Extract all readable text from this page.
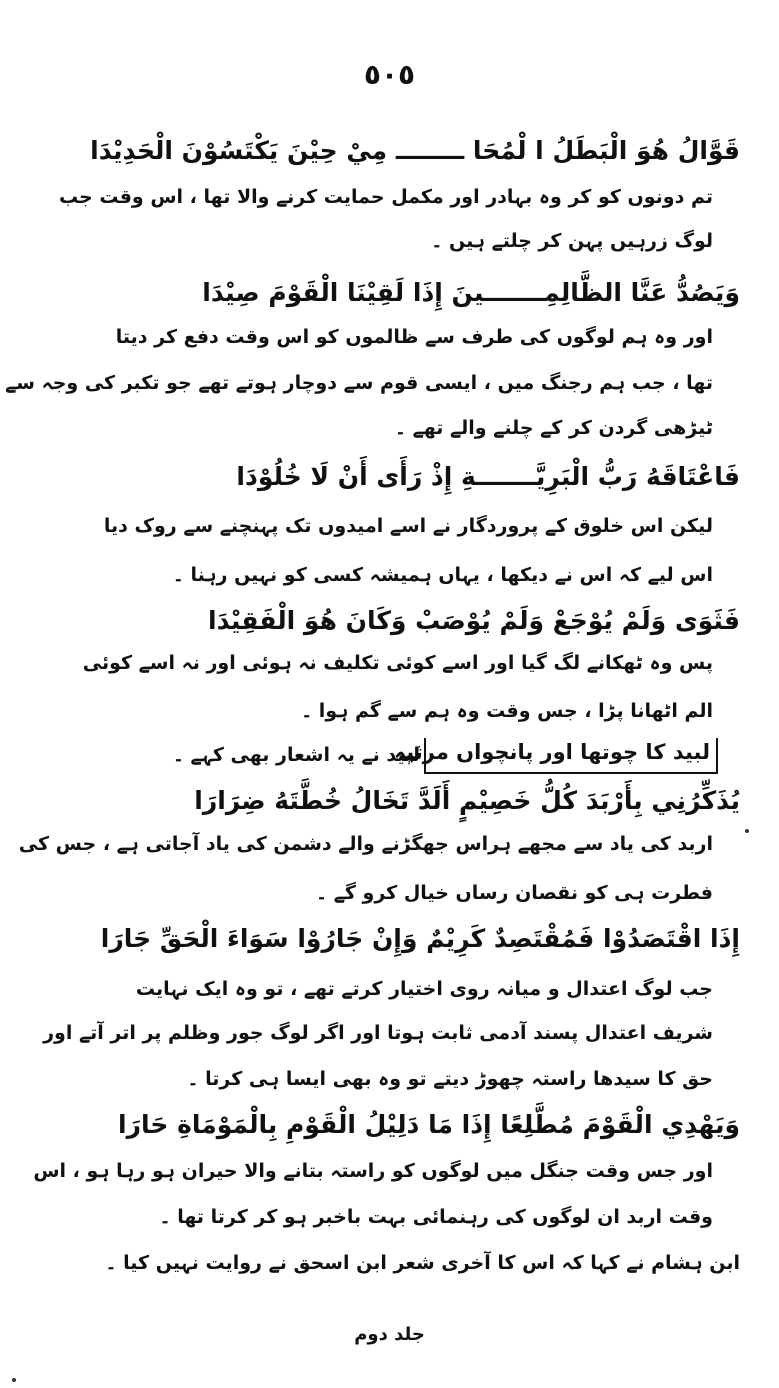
٥٠٥
قَوَّالُ هُوَ الْبَطَلُ ا لْمُحَا ــــــــ مِيْ حِيْنَ يَكْتَسُوْنَ الْحَدِيْدَا
تم دونوں کو کر وہ بہادر اور مکمل حمایت کرنے والا تھا ، اس وقت جب
لوگ زرہیں پہن کر چلتے ہیں ۔
وَيَصُدُّ عَنَّا الظَّالِمِـــــــينَ إِذَا لَقِيْنَا الْقَوْمَ صِيْدَا
اور وہ ہم لوگوں کی طرف سے ظالموں کو اس وقت دفع کر دیتا
تھا ، جب ہم رجنگ میں ، ایسی قوم سے دوچار ہوتے تھے جو تکبر کی وجہ سے
ٹیڑھی گردن کر کے چلنے والے تھے ۔
فَاعْتَاقَهُ رَبُّ الْبَرِيَّـــــــةِ إِذْ رَأَى أَنْ لَا خُلُوْدَا
لیکن اس خلوق کے پروردگار نے اسے امیدوں تک پہنچنے سے روک دیا
اس لیے کہ اس نے دیکھا ، یہاں ہمیشہ کسی کو نہیں رہنا ۔
فَثَوَى وَلَمْ يُوْجَعْ وَلَمْ يُوْصَبْ وَكَانَ هُوَ الْفَقِيْدَا
پس وہ ٹھکانے لگ گیا اور اسے کوئی تکلیف نہ ہوئی اور نہ اسے کوئی
الم اٹھانا پڑا ، جس وقت وہ ہم سے گم ہوا ۔
لبید کا چوتھا اور پانچواں مرثیہ
لبید نے یہ اشعار بھی کہے ۔
يُذَكِّرُنِي بِأَرْبَدَ كُلُّ خَصِيْمٍ أَلَدَّ تَخَالُ خُطَّتَهُ ضِرَارَا
اربد کی یاد سے مجھے ہراس جھگڑنے والے دشمن کی یاد آجاتی ہے ، جس کی
فطرت ہی کو نقصان رساں خیال کرو گے ۔
إِذَا اقْتَصَدُوْا فَمُقْتَصِدٌ كَرِيْمٌ وَإِنْ جَارُوْا سَوَاءَ الْحَقِّ جَارَا
جب لوگ اعتدال و میانہ روی اختیار کرتے تھے ، تو وہ ایک نہایت
شریف اعتدال پسند آدمی ثابت ہوتا اور اگر لوگ جور وظلم پر اتر آتے اور
حق کا سیدھا راستہ چھوڑ دیتے تو وہ بھی ایسا ہی کرتا ۔
وَيَهْدِي الْقَوْمَ مُطَّلِعًا إِذَا مَا دَلِيْلُ الْقَوْمِ بِالْمَوْمَاةِ حَارَا
اور جس وقت جنگل میں لوگوں کو راستہ بتانے والا حیران ہو رہا ہو ، اس
وقت اربد ان لوگوں کی رہنمائی بہت باخبر ہو کر کرتا تھا ۔
ابن ہشام نے کہا کہ اس کا آخری شعر ابن اسحق نے روایت نہیں کیا ۔
جلد دوم
